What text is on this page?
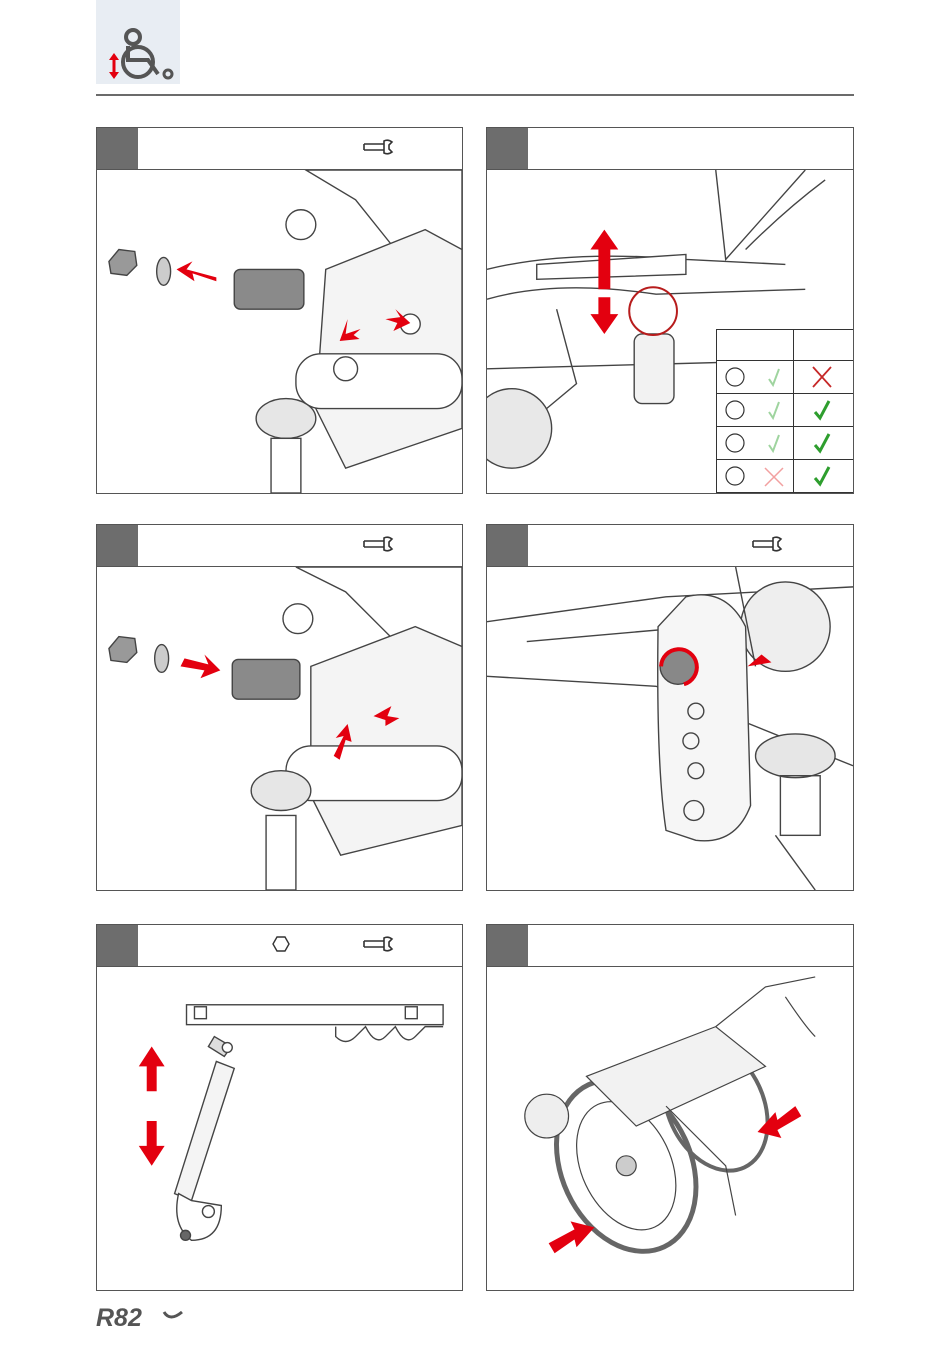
R82
